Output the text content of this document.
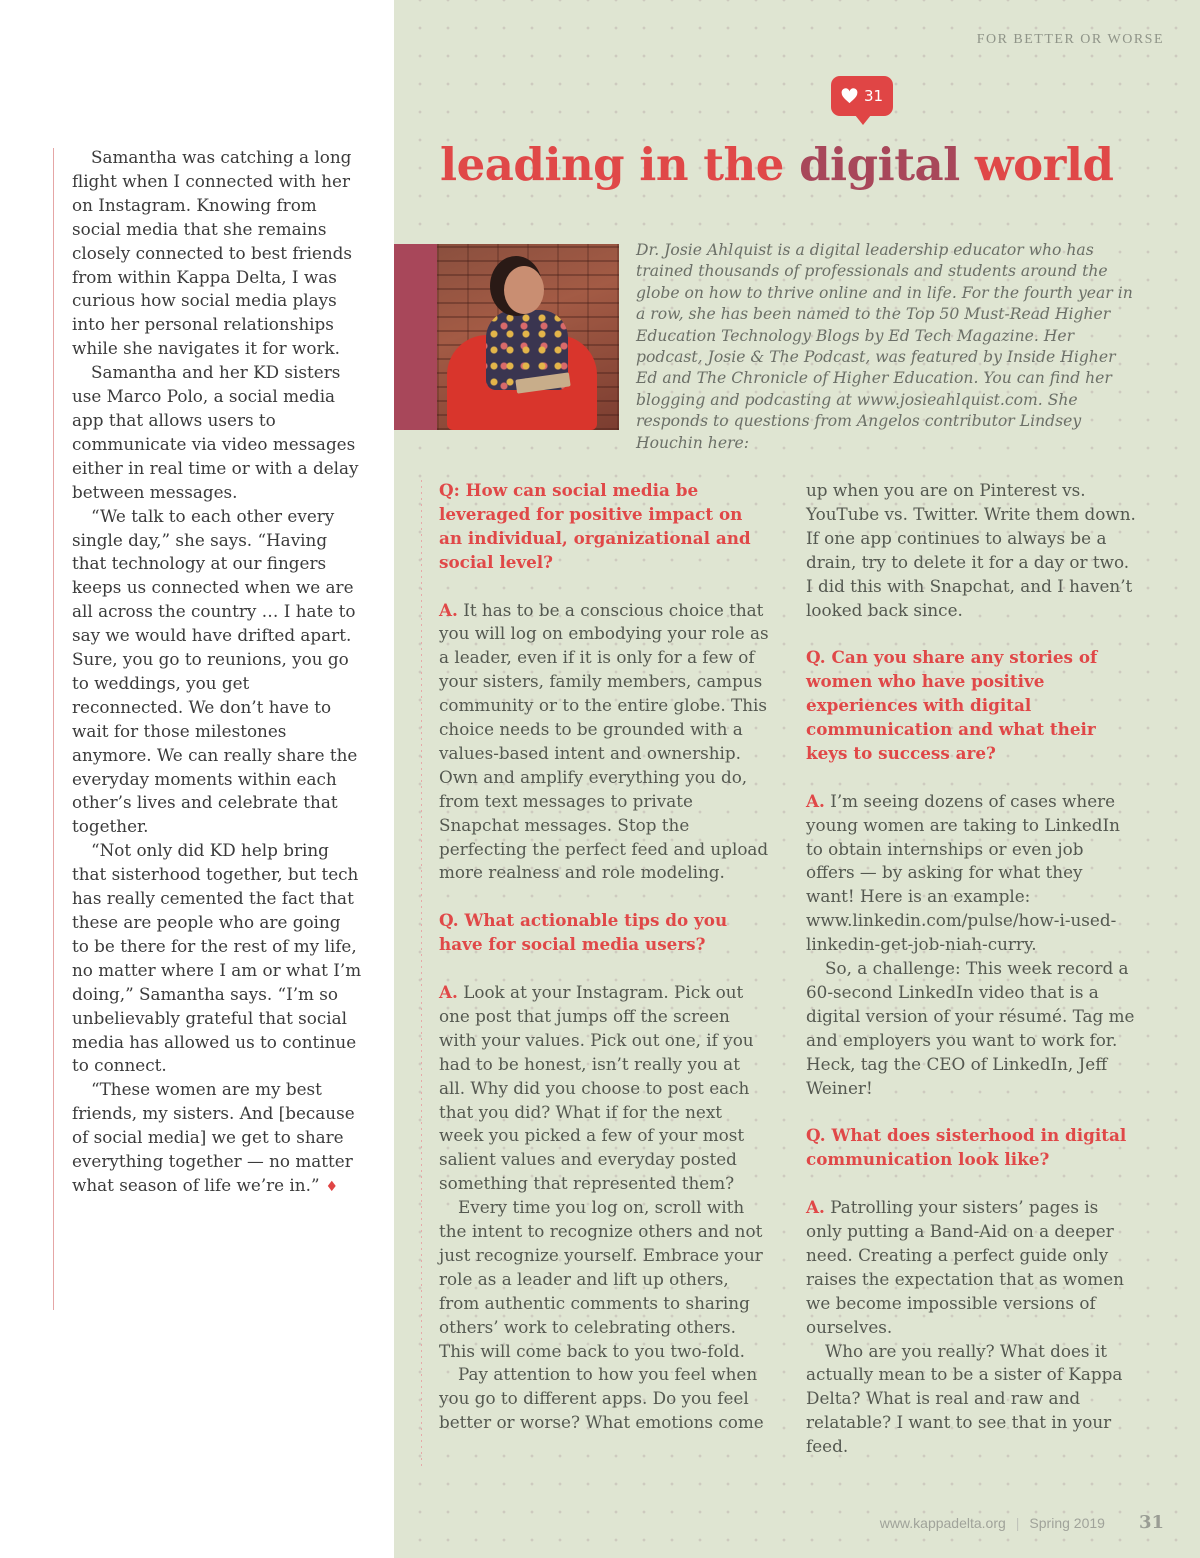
FOR BETTER OR WORSE
31
leading in the digital world

Dr. Josie Ahlquist is a digital leadership educator who has trained thousands of professionals and students around the globe on how to thrive online and in life. For the fourth year in a row, she has been named to the Top 50 Must-Read Higher Education Technology Blogs by Ed Tech Magazine. Her podcast, Josie & The Podcast, was featured by Inside Higher Ed and The Chronicle of Higher Education. You can find her blogging and podcasting at www.josieahlquist.com. She responds to questions from Angelos contributor Lindsey Houchin here:

Samantha was catching a long flight when I connected with her on Instagram. Knowing from social media that she remains closely connected to best friends from within Kappa Delta, I was curious how social media plays into her personal relationships while she navigates it for work.

Samantha and her KD sisters use Marco Polo, a social media app that allows users to communicate via video messages either in real time or with a delay between messages.

“We talk to each other every single day,” she says. “Having that technology at our fingers keeps us connected when we are all across the country … I hate to say we would have drifted apart. Sure, you go to reunions, you go to weddings, you get reconnected. We don’t have to wait for those milestones anymore. We can really share the everyday moments within each other’s lives and celebrate that together.

“Not only did KD help bring that sisterhood together, but tech has really cemented the fact that these are people who are going to be there for the rest of my life, no matter where I am or what I’m doing,” Samantha says. “I’m so unbelievably grateful that social media has allowed us to continue to connect.

“These women are my best friends, my sisters. And [because of social media] we get to share everything together — no matter what season of life we’re in.” ♦

Q: How can social media be leveraged for positive impact on an individual, organizational and social level?

A. It has to be a conscious choice that you will log on embodying your role as a leader, even if it is only for a few of your sisters, family members, campus community or to the entire globe. This choice needs to be grounded with a values-based intent and ownership. Own and amplify everything you do, from text messages to private Snapchat messages. Stop the perfecting the perfect feed and upload more realness and role modeling.

Q. What actionable tips do you have for social media users?

A. Look at your Instagram. Pick out one post that jumps off the screen with your values. Pick out one, if you had to be honest, isn’t really you at all. Why did you choose to post each that you did? What if for the next week you picked a few of your most salient values and everyday posted something that represented them?

Every time you log on, scroll with the intent to recognize others and not just recognize yourself. Embrace your role as a leader and lift up others, from authentic comments to sharing others’ work to celebrating others. This will come back to you two-fold.

Pay attention to how you feel when you go to different apps. Do you feel better or worse? What emotions come

up when you are on Pinterest vs. YouTube vs. Twitter. Write them down. If one app continues to always be a drain, try to delete it for a day or two. I did this with Snapchat, and I haven’t looked back since.

Q. Can you share any stories of women who have positive experiences with digital communication and what their keys to success are?

A. I’m seeing dozens of cases where young women are taking to LinkedIn to obtain internships or even job offers — by asking for what they want! Here is an example: www.linkedin.com/pulse/how-i-used-linkedin-get-job-niah-curry.

So, a challenge: This week record a 60-second LinkedIn video that is a digital version of your résumé. Tag me and employers you want to work for. Heck, tag the CEO of LinkedIn, Jeff Weiner!

Q. What does sisterhood in digital communication look like?

A. Patrolling your sisters’ pages is only putting a Band-Aid on a deeper need. Creating a perfect guide only raises the expectation that as women we become impossible versions of ourselves.

Who are you really? What does it actually mean to be a sister of Kappa Delta? What is real and raw and relatable? I want to see that in your feed.

www.kappadelta.org | Spring 2019 31
